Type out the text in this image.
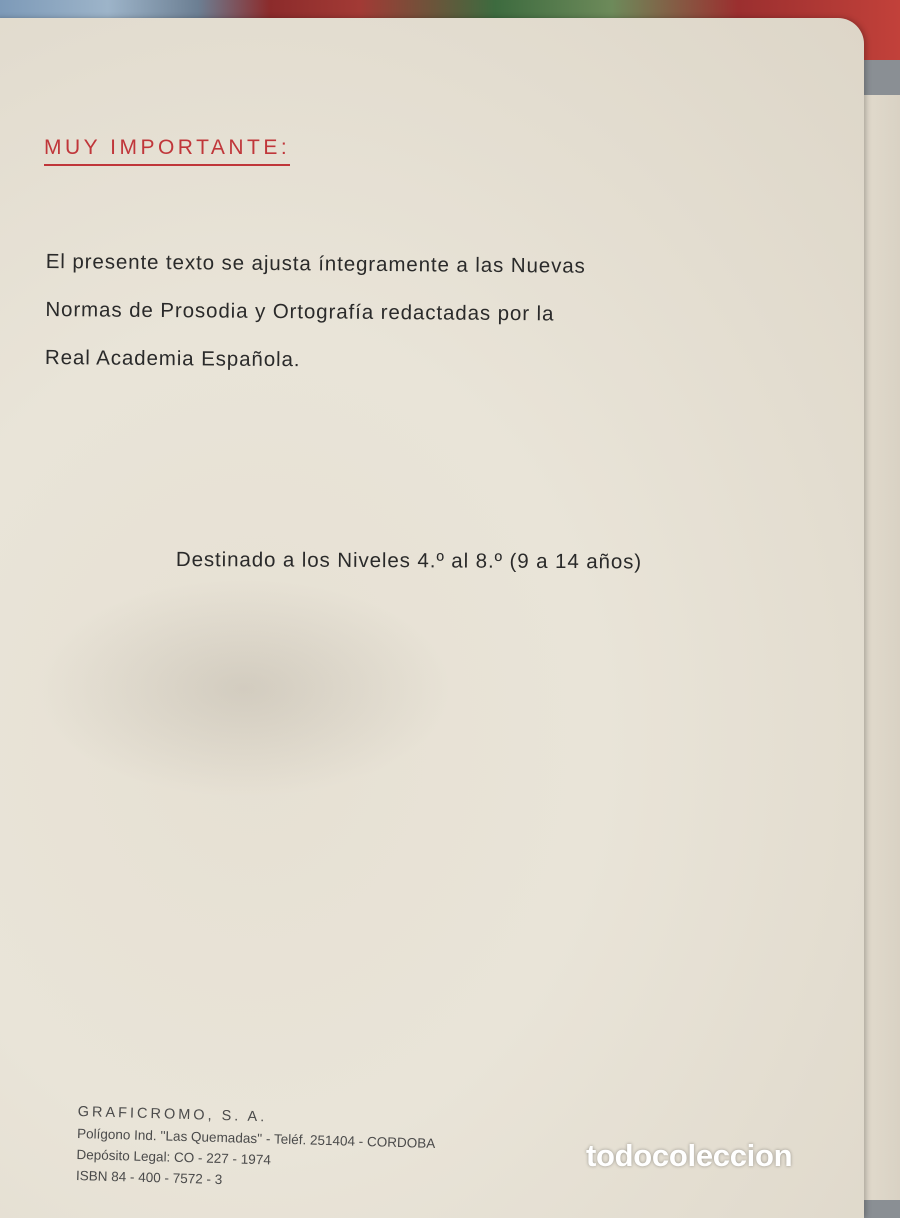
MUY IMPORTANTE:
El presente texto se ajusta íntegramente a las Nuevas
Normas de Prosodia y Ortografía redactadas por la
Real Academia Española.
Destinado a los Niveles 4.º al 8.º (9 a 14 años)
GRAFICROMO, S. A.
Polígono Ind. ''Las Quemadas'' - Teléf. 251404 - CORDOBA
Depósito Legal: CO - 227 - 1974
ISBN 84 - 400 - 7572 - 3
todocoleccion
